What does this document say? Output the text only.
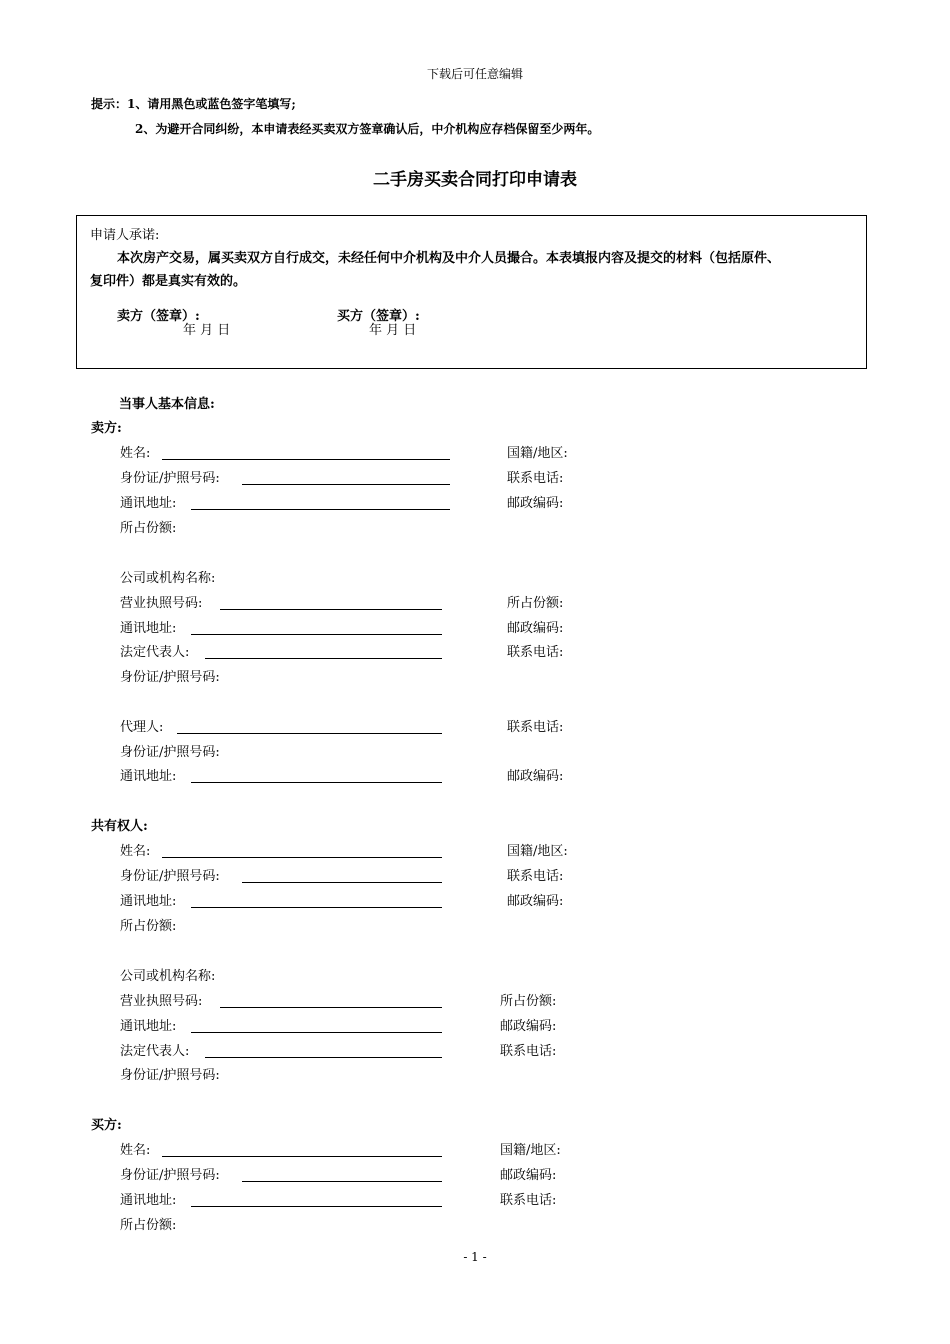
下载后可任意编辑
提示：1、请用黑色或蓝色签字笔填写;
2、为避开合同纠纷，本申请表经买卖双方签章确认后，中介机构应存档保留至少两年。
二手房买卖合同打印申请表
申请人承诺:
本次房产交易，属买卖双方自行成交，未经任何中介机构及中介人员撮合。本表填报内容及提交的材料（包括原件、
复印件）都是真实有效的。
卖方（签章）:	买方（签章）:
年 月 日	年 月 日
当事人基本信息:
卖方:
姓名:	国籍/地区:
身份证/护照号码:	联系电话:
通讯地址:	邮政编码:
所占份额:
公司或机构名称:
营业执照号码:	所占份额:
通讯地址:	邮政编码:
法定代表人:	联系电话:
身份证/护照号码:
代理人:	联系电话:
身份证/护照号码:
通讯地址:	邮政编码:
共有权人:
姓名:	国籍/地区:
身份证/护照号码:	联系电话:
通讯地址:	邮政编码:
所占份额:
公司或机构名称:
营业执照号码:	所占份额:
通讯地址:	邮政编码:
法定代表人:	联系电话:
身份证/护照号码:
买方:
姓名:	国籍/地区:
身份证/护照号码:	邮政编码:
通讯地址:	联系电话:
所占份额:
- 1 -
